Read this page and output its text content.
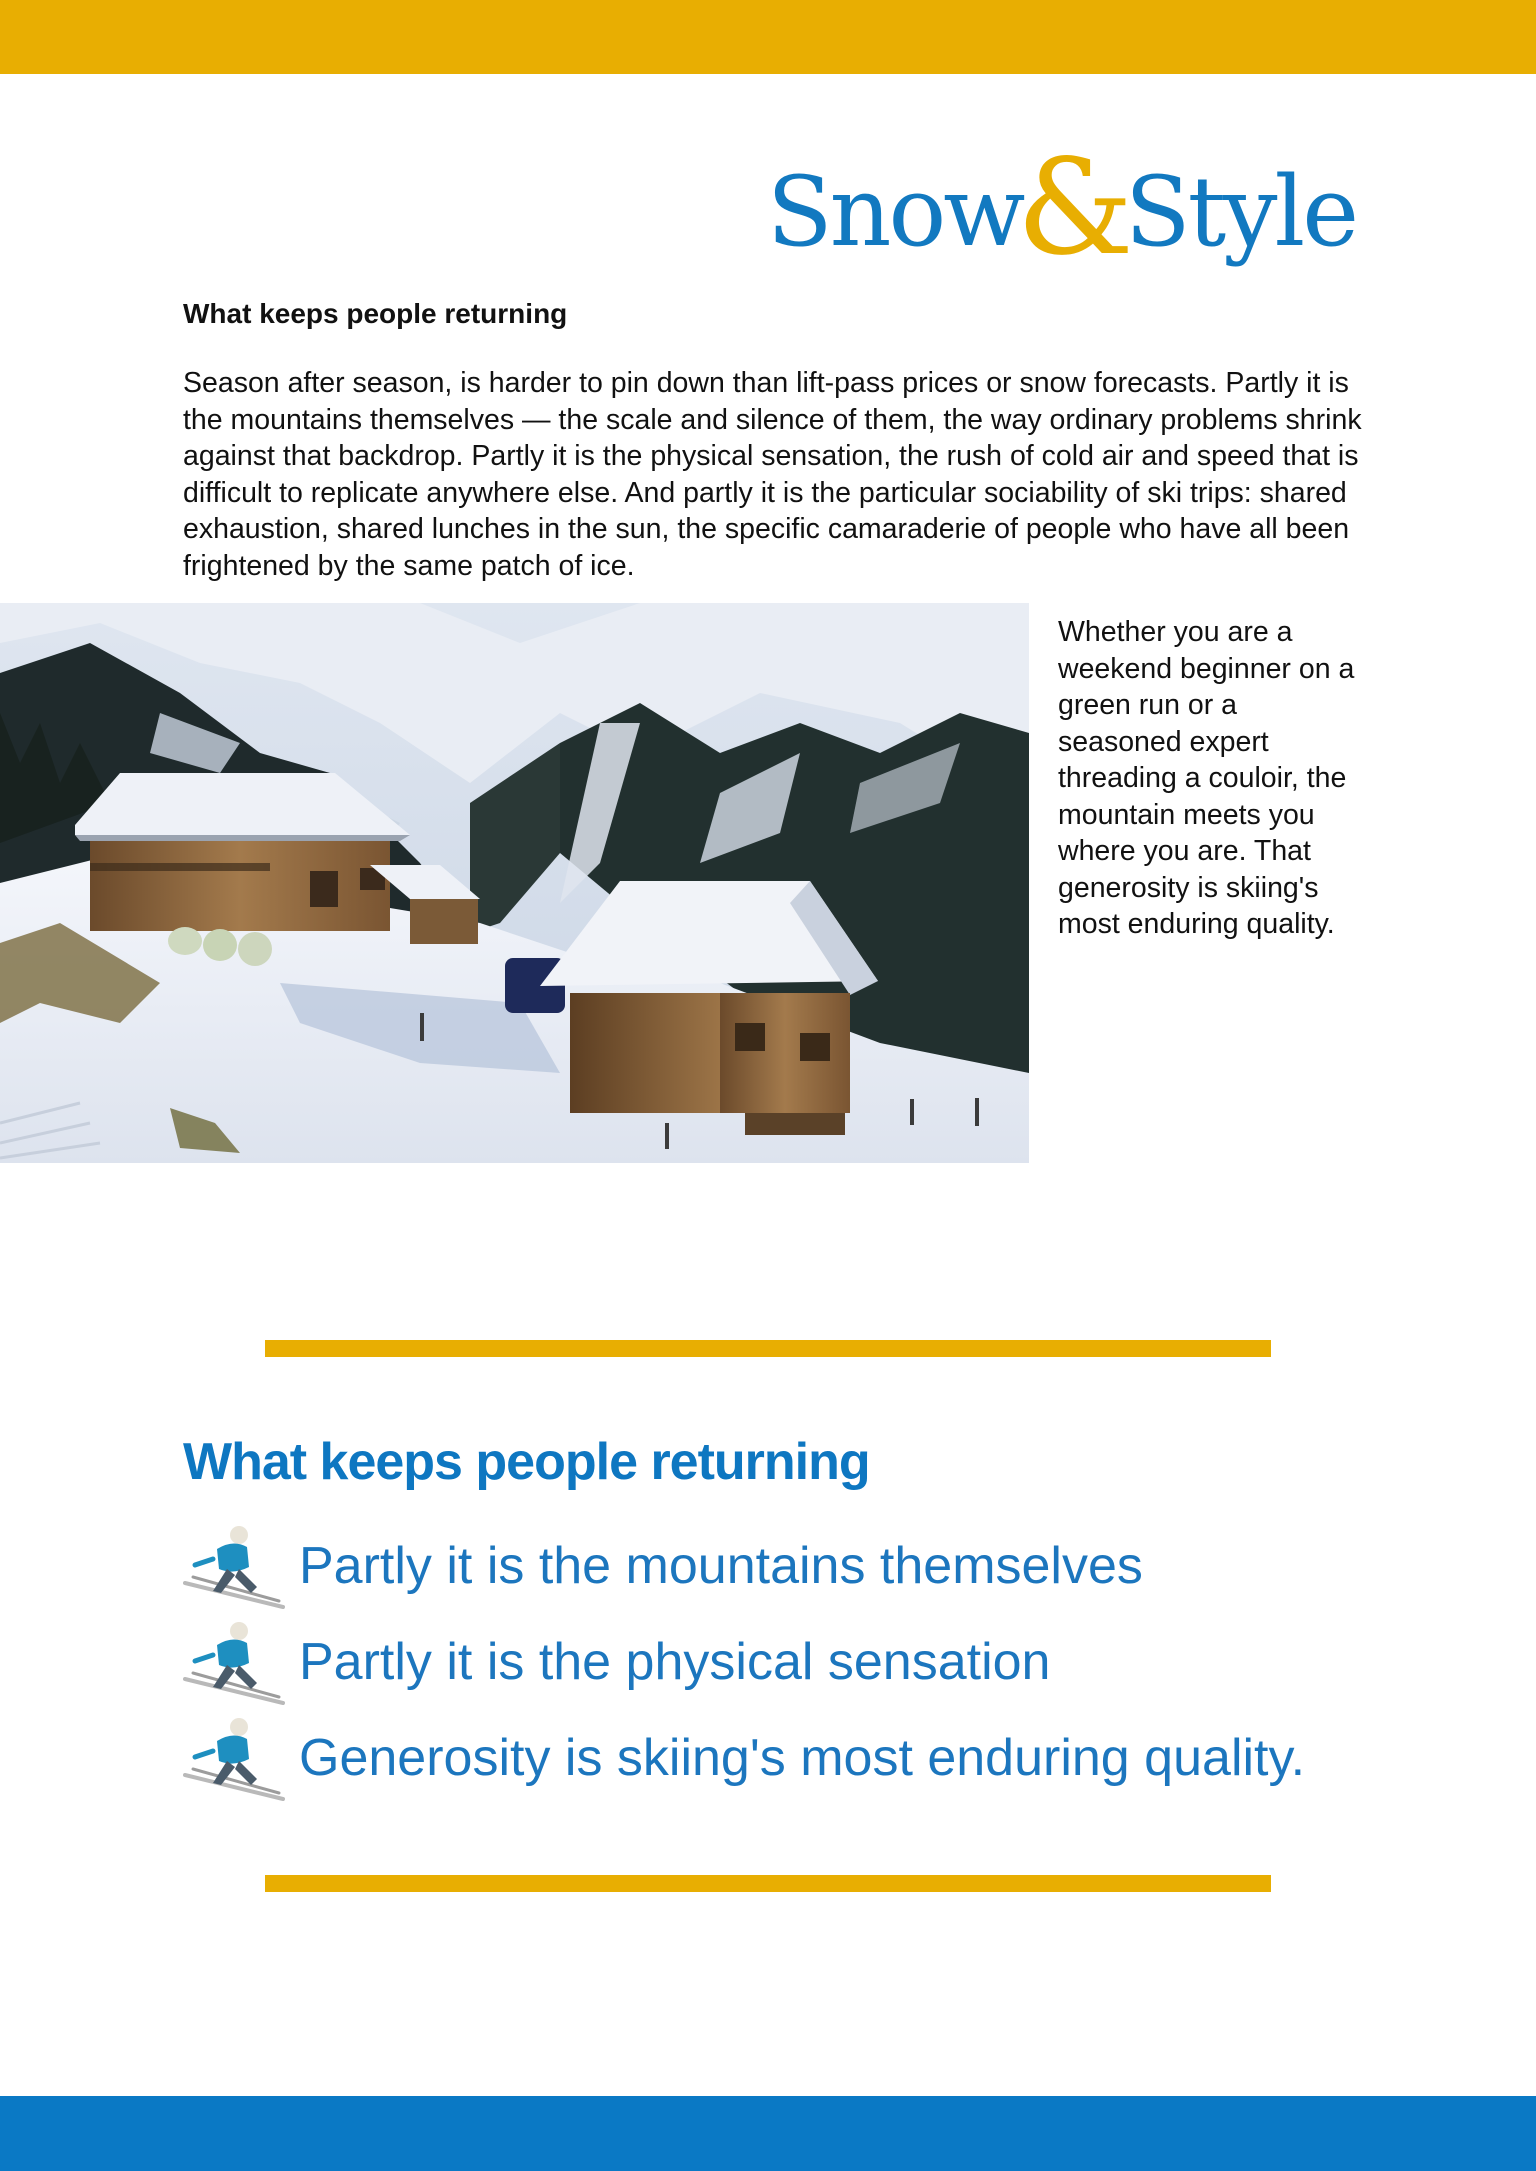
Snow
&
Style
What keeps people returning
Season after season, is harder to pin down than lift-pass prices or snow forecasts. Partly it is the mountains themselves — the scale and silence of them, the way ordinary problems shrink against that backdrop. Partly it is the physical sensation, the rush of cold air and speed that is difficult to replicate anywhere else. And partly it is the particular sociability of ski trips: shared exhaustion, shared lunches in the sun, the specific camaraderie of people who have all been frightened by the same patch of ice.
Whether you are a weekend beginner on a green run or a seasoned expert threading a couloir, the mountain meets you where you are. That generosity is skiing's most enduring quality.
What keeps people returning
Partly it is the mountains themselves
Partly it is the physical sensation
Generosity is skiing's most enduring quality.
